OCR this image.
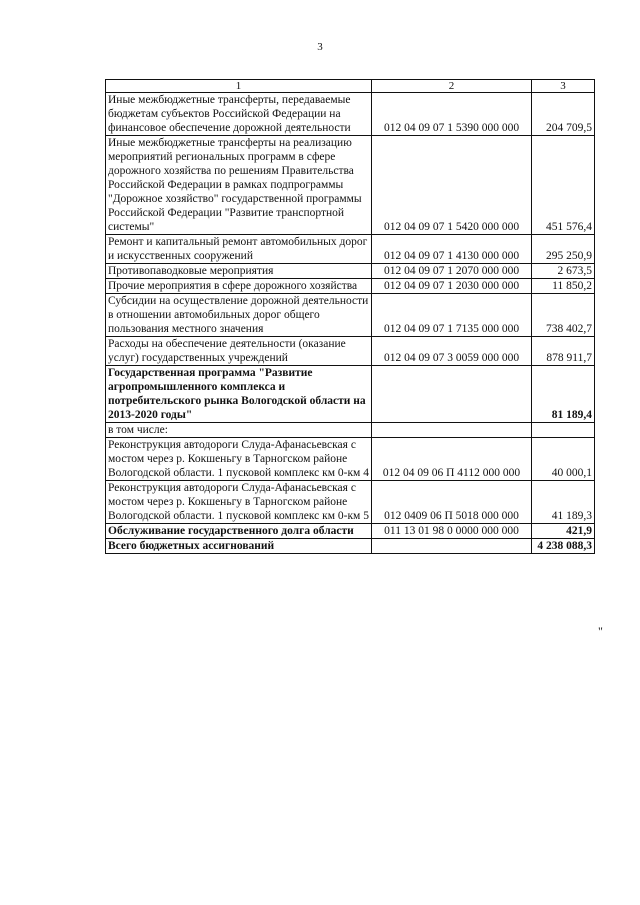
3
1	2	3
Иные межбюджетные трансферты, передаваемые бюджетам субъектов Российской Федерации на финансовое обеспечение дорожной деятельности	012 04 09 07 1 5390 000 000	204 709,5
Иные межбюджетные трансферты на реализацию мероприятий региональных программ в сфере дорожного хозяйства по решениям Правительства Российской Федерации в рамках подпрограммы "Дорожное хозяйство" государственной программы Российской Федерации "Развитие транспортной системы"	012 04 09 07 1 5420 000 000	451 576,4
Ремонт и капитальный ремонт автомобильных дорог и искусственных сооружений	012 04 09 07 1 4130 000 000	295 250,9
Противопаводковые мероприятия	012 04 09 07 1 2070 000 000	2 673,5
Прочие мероприятия в сфере дорожного хозяйства	012 04 09 07 1 2030 000 000	11 850,2
Субсидии на осуществление дорожной деятельности в отношении автомобильных дорог общего пользования местного значения	012 04 09 07 1 7135 000 000	738 402,7
Расходы на обеспечение деятельности (оказание услуг) государственных учреждений	012 04 09 07 3 0059 000 000	878 911,7
Государственная программа "Развитие агропромышленного комплекса и потребительского рынка Вологодской области на 2013-2020 годы"		81 189,4
в том числе:		
Реконструкция автодороги Слуда-Афанасьевская с мостом через р. Кокшеньгу в Тарногском районе Вологодской области. 1 пусковой комплекс км 0-км 4	012 04 09 06 П 4112 000 000	40 000,1
Реконструкция автодороги Слуда-Афанасьевская с мостом через р. Кокшеньгу в Тарногском районе Вологодской области. 1 пусковой комплекс км 0-км 5	012 0409 06 П 5018 000 000	41 189,3
Обслуживание государственного долга области	011 13 01 98 0 0000 000 000	421,9
Всего бюджетных ассигнований		4 238 088,3
"
